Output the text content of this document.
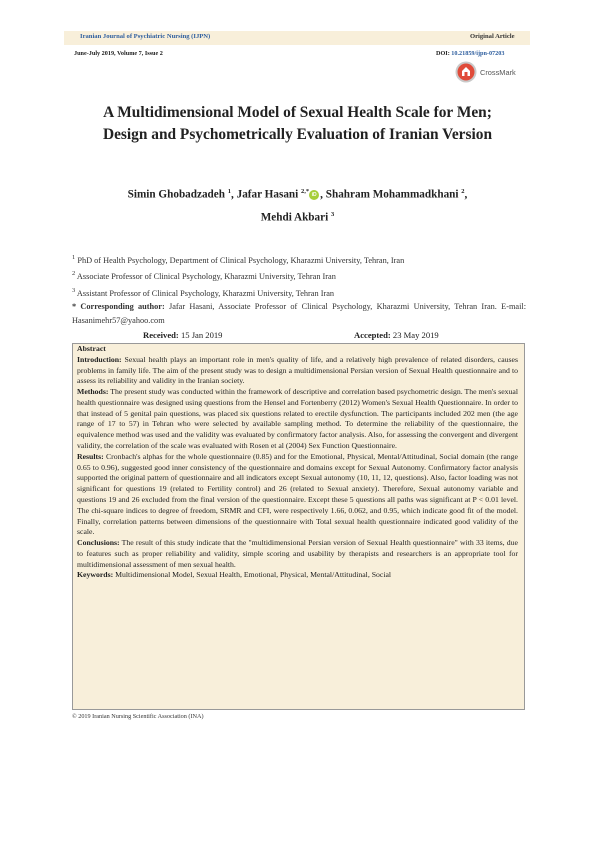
Iranian Journal of Psychiatric Nursing (IJPN)	Original Article
June-July 2019, Volume 7, Issue 2	DOI: 10.21859/ijpn-07203
CrossMark
A Multidimensional Model of Sexual Health Scale for Men;
Design and Psychometrically Evaluation of Iranian Version
Simin Ghobadzadeh $^1$, Jafar Hasani $^{2,*}$ iD , Shahram Mohammadkhani $^2$,
Mehdi Akbari $^3$
$^1$ PhD of Health Psychology, Department of Clinical Psychology, Kharazmi University, Tehran, Iran
$^2$ Associate Professor of Clinical Psychology, Kharazmi University, Tehran Iran
$^3$ Assistant Professor of Clinical Psychology, Kharazmi University, Tehran Iran
* Corresponding author: Jafar Hasani, Associate Professor of Clinical Psychology, Kharazmi University, Tehran Iran. E-mail: Hasanimehr57@yahoo.com
Received: 15 Jan 2019	Accepted: 23 May 2019

Abstract

Introduction: Sexual health plays an important role in men's quality of life, and a relatively high prevalence of related disorders, causes problems in family life. The aim of the present study was to design a multidimensional Persian version of Sexual Health questionnaire and to assess its reliability and validity in the Iranian society.

Methods: The present study was conducted within the framework of descriptive and correlation based psychometric design. The men's sexual health questionnaire was designed using questions from the Hensel and Fortenberry (2012) Women's Sexual Health Questionnaire. In order to that instead of 5 genital pain questions, was placed six questions related to erectile dysfunction. The participants included 202 men (the age range of 17 to 57) in Tehran who were selected by available sampling method. To determine the reliability of the questionnaire, the equivalence method was used and the validity was evaluated by confirmatory factor analysis. Also, for assessing the convergent and divergent validity, the correlation of the scale was evaluated with Rosen et al (2004) Sex Function Questionnaire.

Results: Cronbach's alphas for the whole questionnaire (0.85) and for the Emotional, Physical, Mental/Attitudinal, Social domain (the range 0.65 to 0.96), suggested good inner consistency of the questionnaire and domains except for Sexual Autonomy. Confirmatory factor analysis supported the original pattern of questionnaire and all indicators except Sexual autonomy (10, 11, 12, questions). Also, factor loading was not significant for questions 19 (related to Fertility control) and 26 (related to Sexual anxiety). Therefore, Sexual autonomy variable and questions 19 and 26 excluded from the final version of the questionnaire. Except these 5 questions all paths was significant at P < 0.01 level. The chi-square indices to degree of freedom, SRMR and CFI, were respectively 1.66, 0.062, and 0.95, which indicate good fit of the model. Finally, correlation patterns between dimensions of the questionnaire with Total sexual health questionnaire indicated good validity of the scale.

Conclusions: The result of this study indicate that the "multidimensional Persian version of Sexual Health questionnaire" with 33 items, due to features such as proper reliability and validity, simple scoring and usability by therapists and researchers is an appropriate tool for multidimensional assessment of men sexual health.

Keywords: Multidimensional Model, Sexual Health, Emotional, Physical, Mental/Attitudinal, Social

© 2019 Iranian Nursing Scientific Association (INA)
